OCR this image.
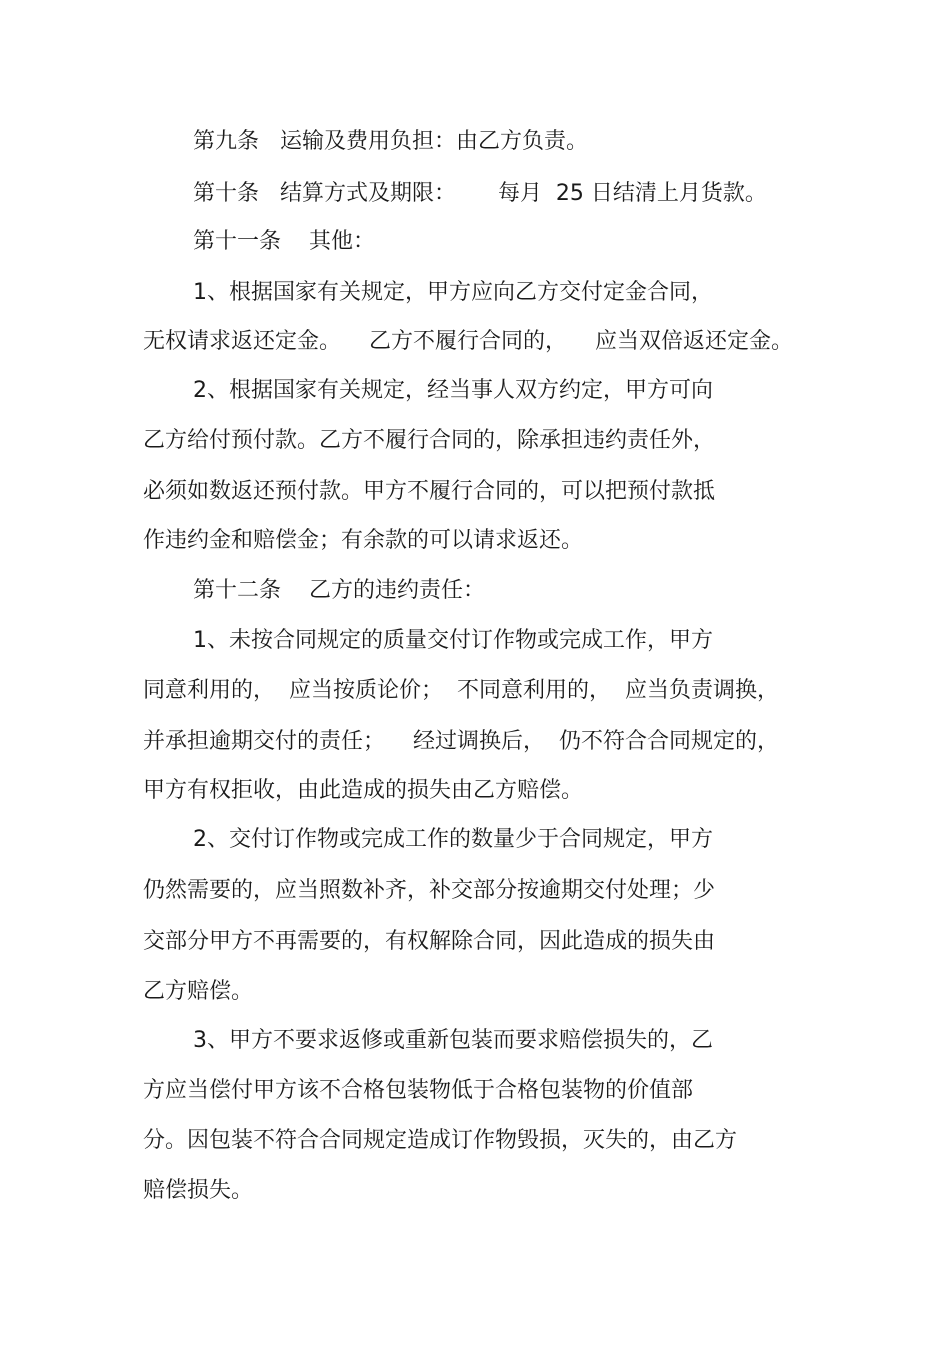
第九条   运输及费用负担：由乙方负责。
第十条   结算方式及期限：      每月  25 日结清上月货款。
第十一条    其他：
1、根据国家有关规定，甲方应向乙方交付定金合同，
无权请求返还定金。    乙方不履行合同的，    应当双倍返还定金。
2、根据国家有关规定，经当事人双方约定，甲方可向
乙方给付预付款。乙方不履行合同的，除承担违约责任外，
必须如数返还预付款。甲方不履行合同的，可以把预付款抵
作违约金和赔偿金；有余款的可以请求返还。
第十二条    乙方的违约责任：
1、未按合同规定的质量交付订作物或完成工作，甲方
同意利用的，  应当按质论价；  不同意利用的，  应当负责调换，
并承担逾期交付的责任；    经过调换后，  仍不符合合同规定的，
甲方有权拒收，由此造成的损失由乙方赔偿。
2、交付订作物或完成工作的数量少于合同规定，甲方
仍然需要的，应当照数补齐，补交部分按逾期交付处理；少
交部分甲方不再需要的，有权解除合同，因此造成的损失由
乙方赔偿。
3、甲方不要求返修或重新包装而要求赔偿损失的，乙
方应当偿付甲方该不合格包装物低于合格包装物的价值部
分。因包装不符合合同规定造成订作物毁损，灭失的，由乙方
赔偿损失。
